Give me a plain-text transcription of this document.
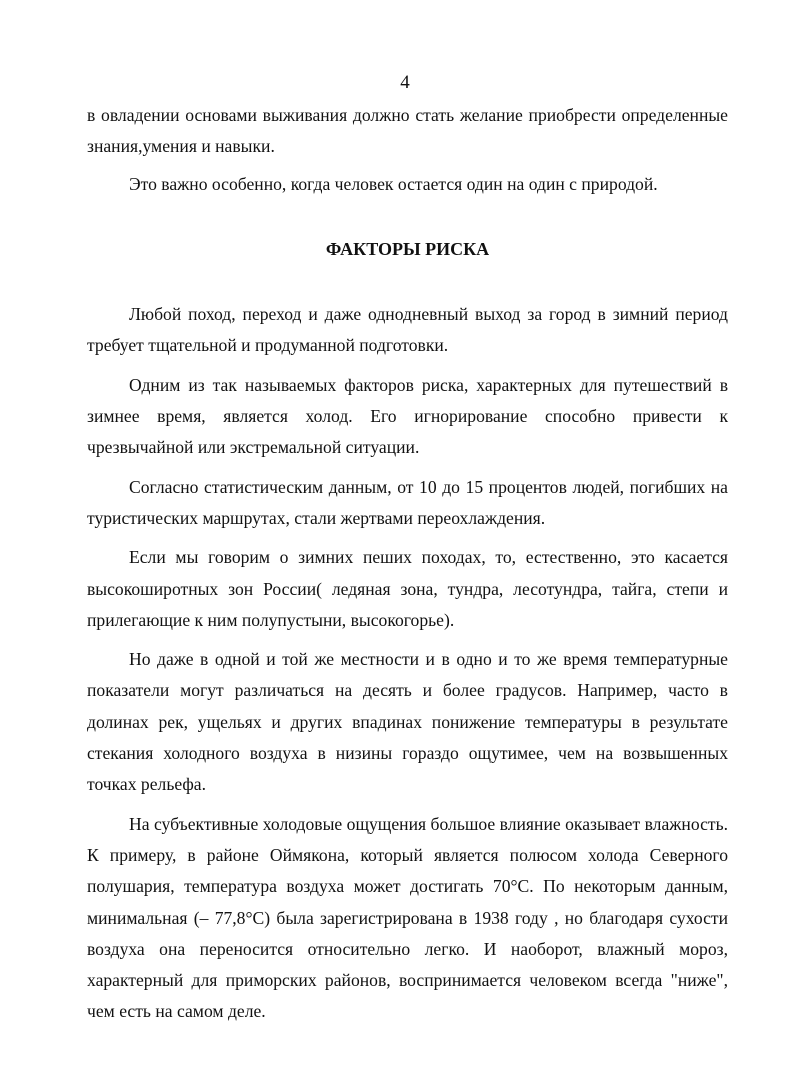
4

в овладении основами выживания должно стать желание приобрести определенные знания,умения и навыки.

Это важно особенно, когда человек остается один на один с природой.

ФАКТОРЫ РИСКА

Любой поход, переход и даже однодневный выход за город в зимний период требует тщательной и продуманной подготовки.

Одним из так называемых факторов риска, характерных для путешествий в зимнее время, является холод. Его игнорирование способно привести к чрезвычайной или экстремальной ситуации.

Согласно статистическим данным, от 10 до 15 процентов людей, погибших на туристических маршрутах, стали жертвами переохлаждения.

Если мы говорим о зимних пеших походах, то, естественно, это касается высокоширотных зон России( ледяная зона, тундра, лесотундра, тайга, степи и прилегающие к ним полупустыни, высокогорье).

Но даже в одной и той же местности и в одно и то же время температурные показатели могут различаться на десять и более градусов. Например, часто в долинах рек, ущельях и других впадинах понижение температуры в результате стекания холодного воздуха в низины гораздо ощутимее, чем на возвышенных точках рельефа.

На субъективные холодовые ощущения большое влияние оказывает влажность. К примеру, в районе Оймякона, который является полюсом холода Северного полушария, температура воздуха может достигать 70°С. По некоторым данным, минимальная (– 77,8°С) была зарегистрирована в 1938 году , но благодаря сухости воздуха она переносится относительно легко. И наоборот, влажный мороз, характерный для приморских районов, воспринимается человеком всегда "ниже", чем есть на самом деле.
